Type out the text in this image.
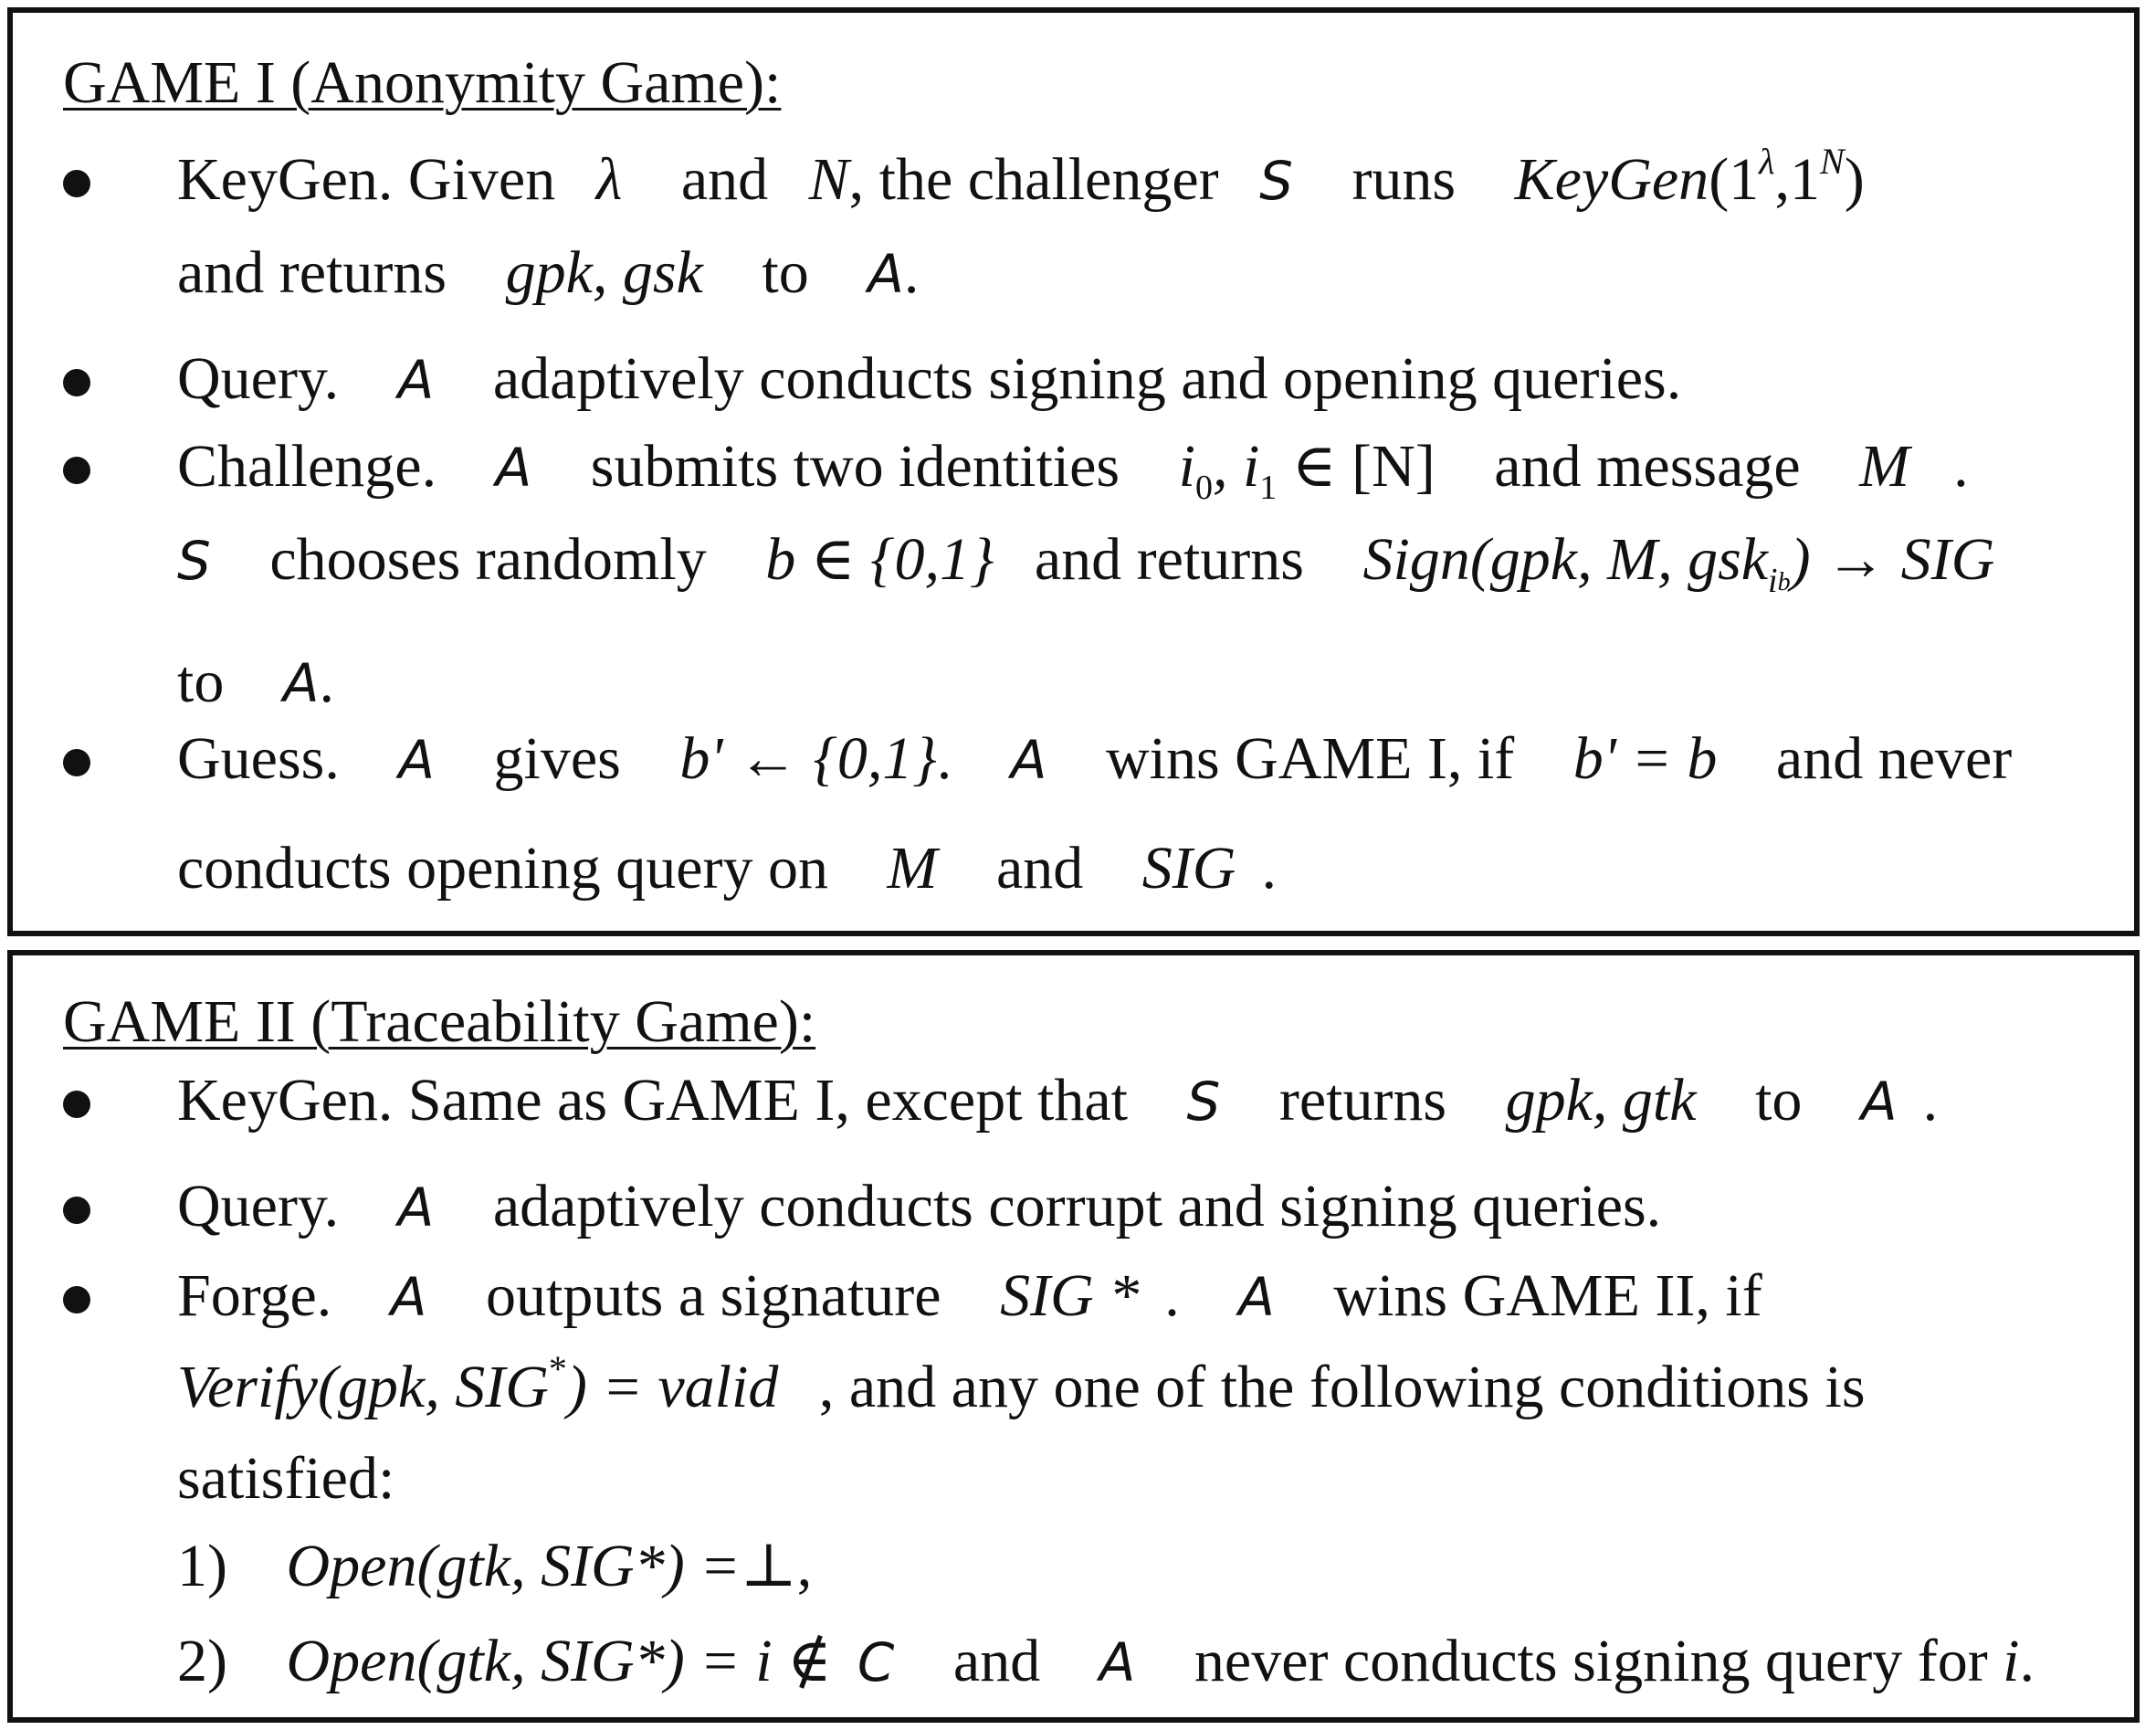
GAME I (Anonymity Game):
KeyGen. Given λ and N, the challenger S runs $KeyGen(1^\lambda,1^N)$
and returns gpk, gsk to A.
Query. A adaptively conducts signing and opening queries.
Challenge. A submits two identities $i_0$, $i_1$ ∈ [N] and message M .
S chooses randomly b ∈ {0,1} and returns Sign(gpk, M, gsk$_i$b) → SIG
to A.
Guess. A gives b' ← {0,1}. A wins GAME I, if b' = b and never
conducts opening query on M and SIG .
GAME II (Traceability Game):
KeyGen. Same as GAME I, except that S returns gpk, gtk to A .
Query. A adaptively conducts corrupt and signing queries.
Forge. A outputs a signature SIG * . A wins GAME II, if
Verify(gpk, SIG*) = valid , and any one of the following conditions is
satisfied:
1) Open(gtk, SIG*) =⊥,
2) Open(gtk, SIG*) = i ∉ C and A never conducts signing query for i.
